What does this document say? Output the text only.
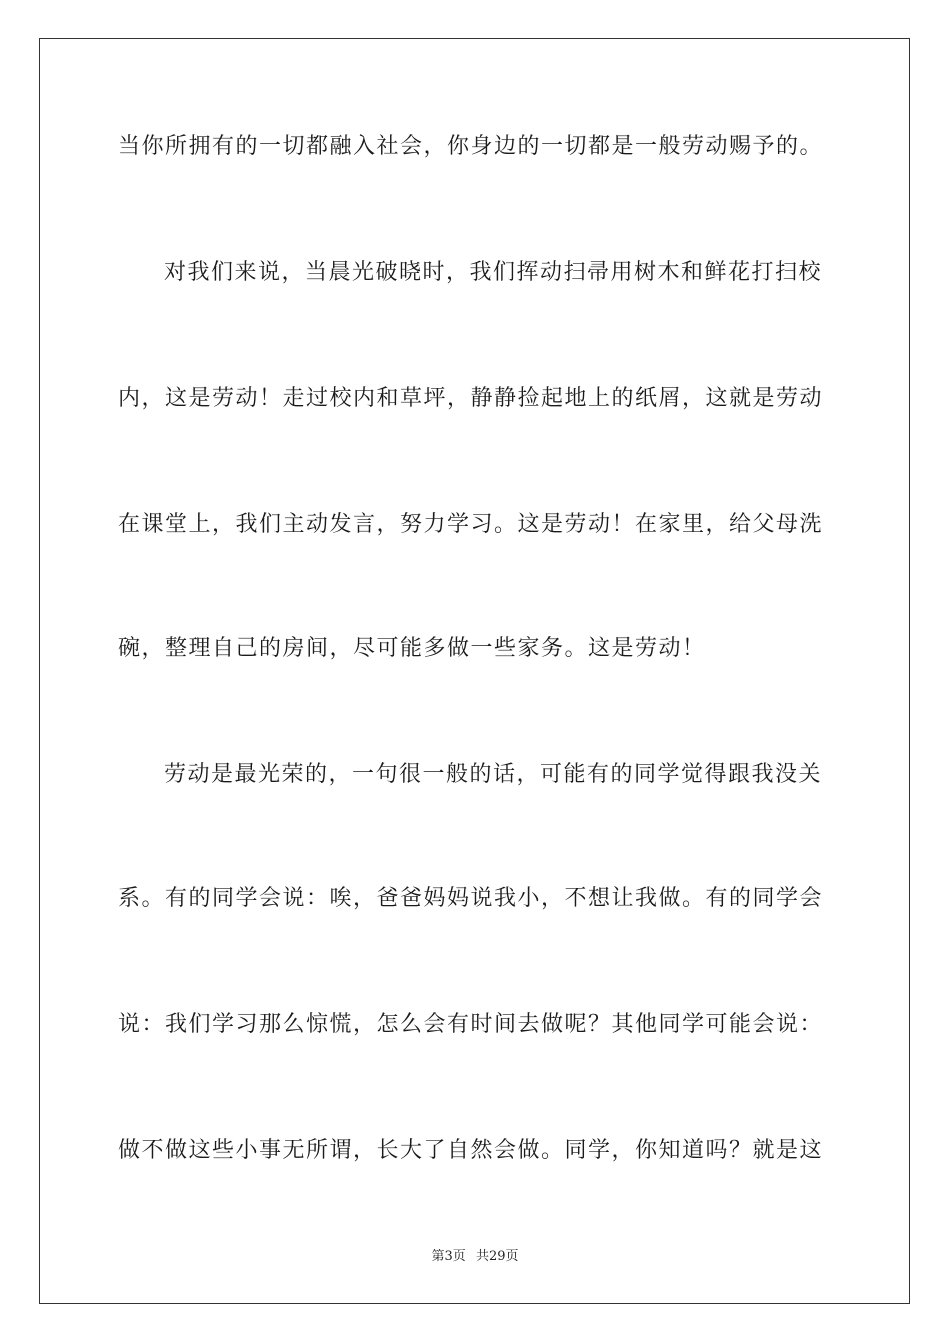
当你所拥有的一切都融入社会，你身边的一切都是一般劳动赐予的。
对我们来说，当晨光破晓时，我们挥动扫帚用树木和鲜花打扫校
内，这是劳动！走过校内和草坪，静静捡起地上的纸屑，这就是劳动
在课堂上，我们主动发言，努力学习。这是劳动！在家里，给父母洗
碗，整理自己的房间，尽可能多做一些家务。这是劳动！
劳动是最光荣的，一句很一般的话，可能有的同学觉得跟我没关
系。有的同学会说：唉，爸爸妈妈说我小，不想让我做。有的同学会
说：我们学习那么惊慌，怎么会有时间去做呢？其他同学可能会说：
做不做这些小事无所谓，长大了自然会做。同学，你知道吗？就是这
第3页 共29页
